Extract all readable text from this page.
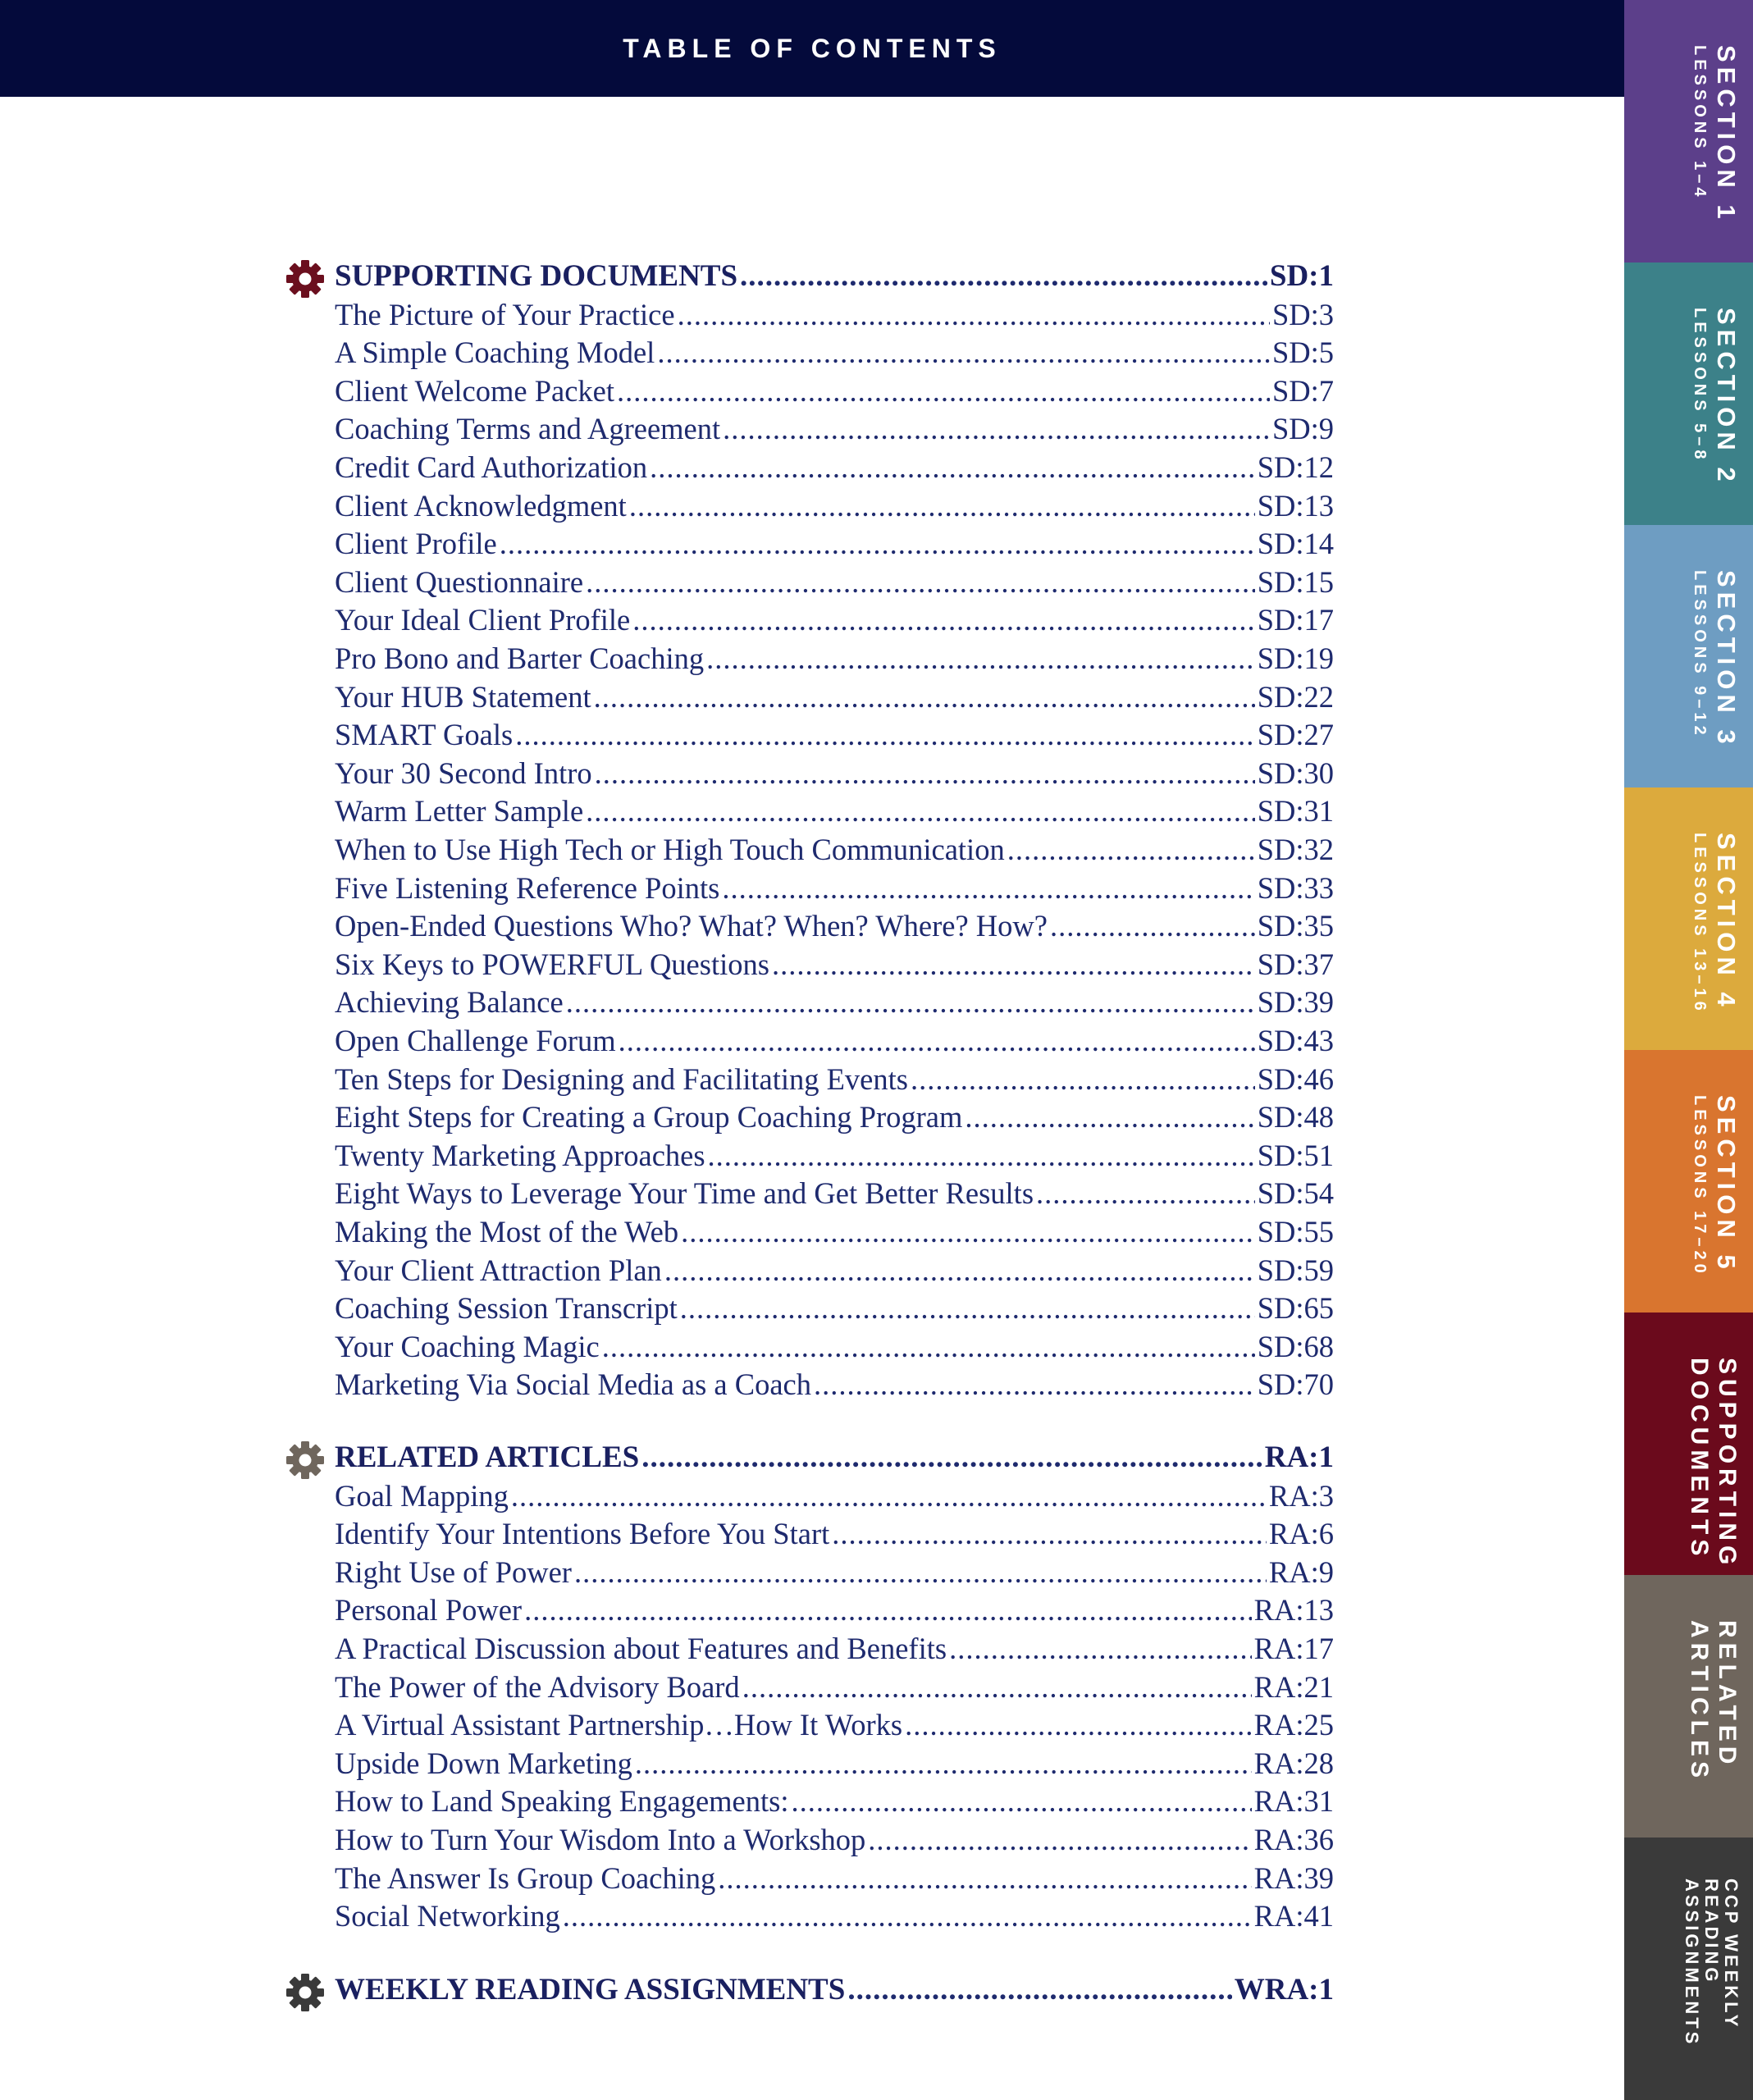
TABLE OF CONTENTS	SECTION 1
LESSONS 1–4
SECTION 2
LESSONS 5–8
SECTION 3
LESSONS 9–12
SECTION 4
LESSONS 13–16
SECTION 5
LESSONS 17–20
SUPPORTING
DOCUMENTS
RELATED
ARTICLES
CCP WEEKLY
READING
ASSIGNMENTS
SUPPORTING DOCUMENTS .....	SD:1
The Picture of Your Practice .....	SD:3
A Simple Coaching Model .....	SD:5
Client Welcome Packet .....	SD:7
Coaching Terms and Agreement .....	SD:9
Credit Card Authorization .....	SD:12
Client Acknowledgment .....	SD:13
Client Profile .....	SD:14
Client Questionnaire .....	SD:15
Your Ideal Client Profile .....	SD:17
Pro Bono and Barter Coaching .....	SD:19
Your HUB Statement .....	SD:22
SMART Goals .....	SD:27
Your 30 Second Intro .....	SD:30
Warm Letter Sample .....	SD:31
When to Use High Tech or High Touch Communication .....	SD:32
Five Listening Reference Points .....	SD:33
Open-Ended Questions Who? What? When? Where? How? .....	SD:35
Six Keys to POWERFUL Questions .....	SD:37
Achieving Balance .....	SD:39
Open Challenge Forum .....	SD:43
Ten Steps for Designing and Facilitating Events .....	SD:46
Eight Steps for Creating a Group Coaching Program .....	SD:48
Twenty Marketing Approaches .....	SD:51
Eight Ways to Leverage Your Time and Get Better Results .....	SD:54
Making the Most of the Web .....	SD:55
Your Client Attraction Plan .....	SD:59
Coaching Session Transcript .....	SD:65
Your Coaching Magic .....	SD:68
Marketing Via Social Media as a Coach .....	SD:70
RELATED ARTICLES .....	RA:1
Goal Mapping .....	RA:3
Identify Your Intentions Before You Start .....	RA:6
Right Use of Power .....	RA:9
Personal Power .....	RA:13
A Practical Discussion about Features and Benefits .....	RA:17
The Power of the Advisory Board .....	RA:21
A Virtual Assistant Partnership…How It Works .....	RA:25
Upside Down Marketing .....	RA:28
How to Land Speaking Engagements: .....	RA:31
How to Turn Your Wisdom Into a Workshop .....	RA:36
The Answer Is Group Coaching .....	RA:39
Social Networking .....	RA:41
WEEKLY READING ASSIGNMENTS .....	WRA:1
